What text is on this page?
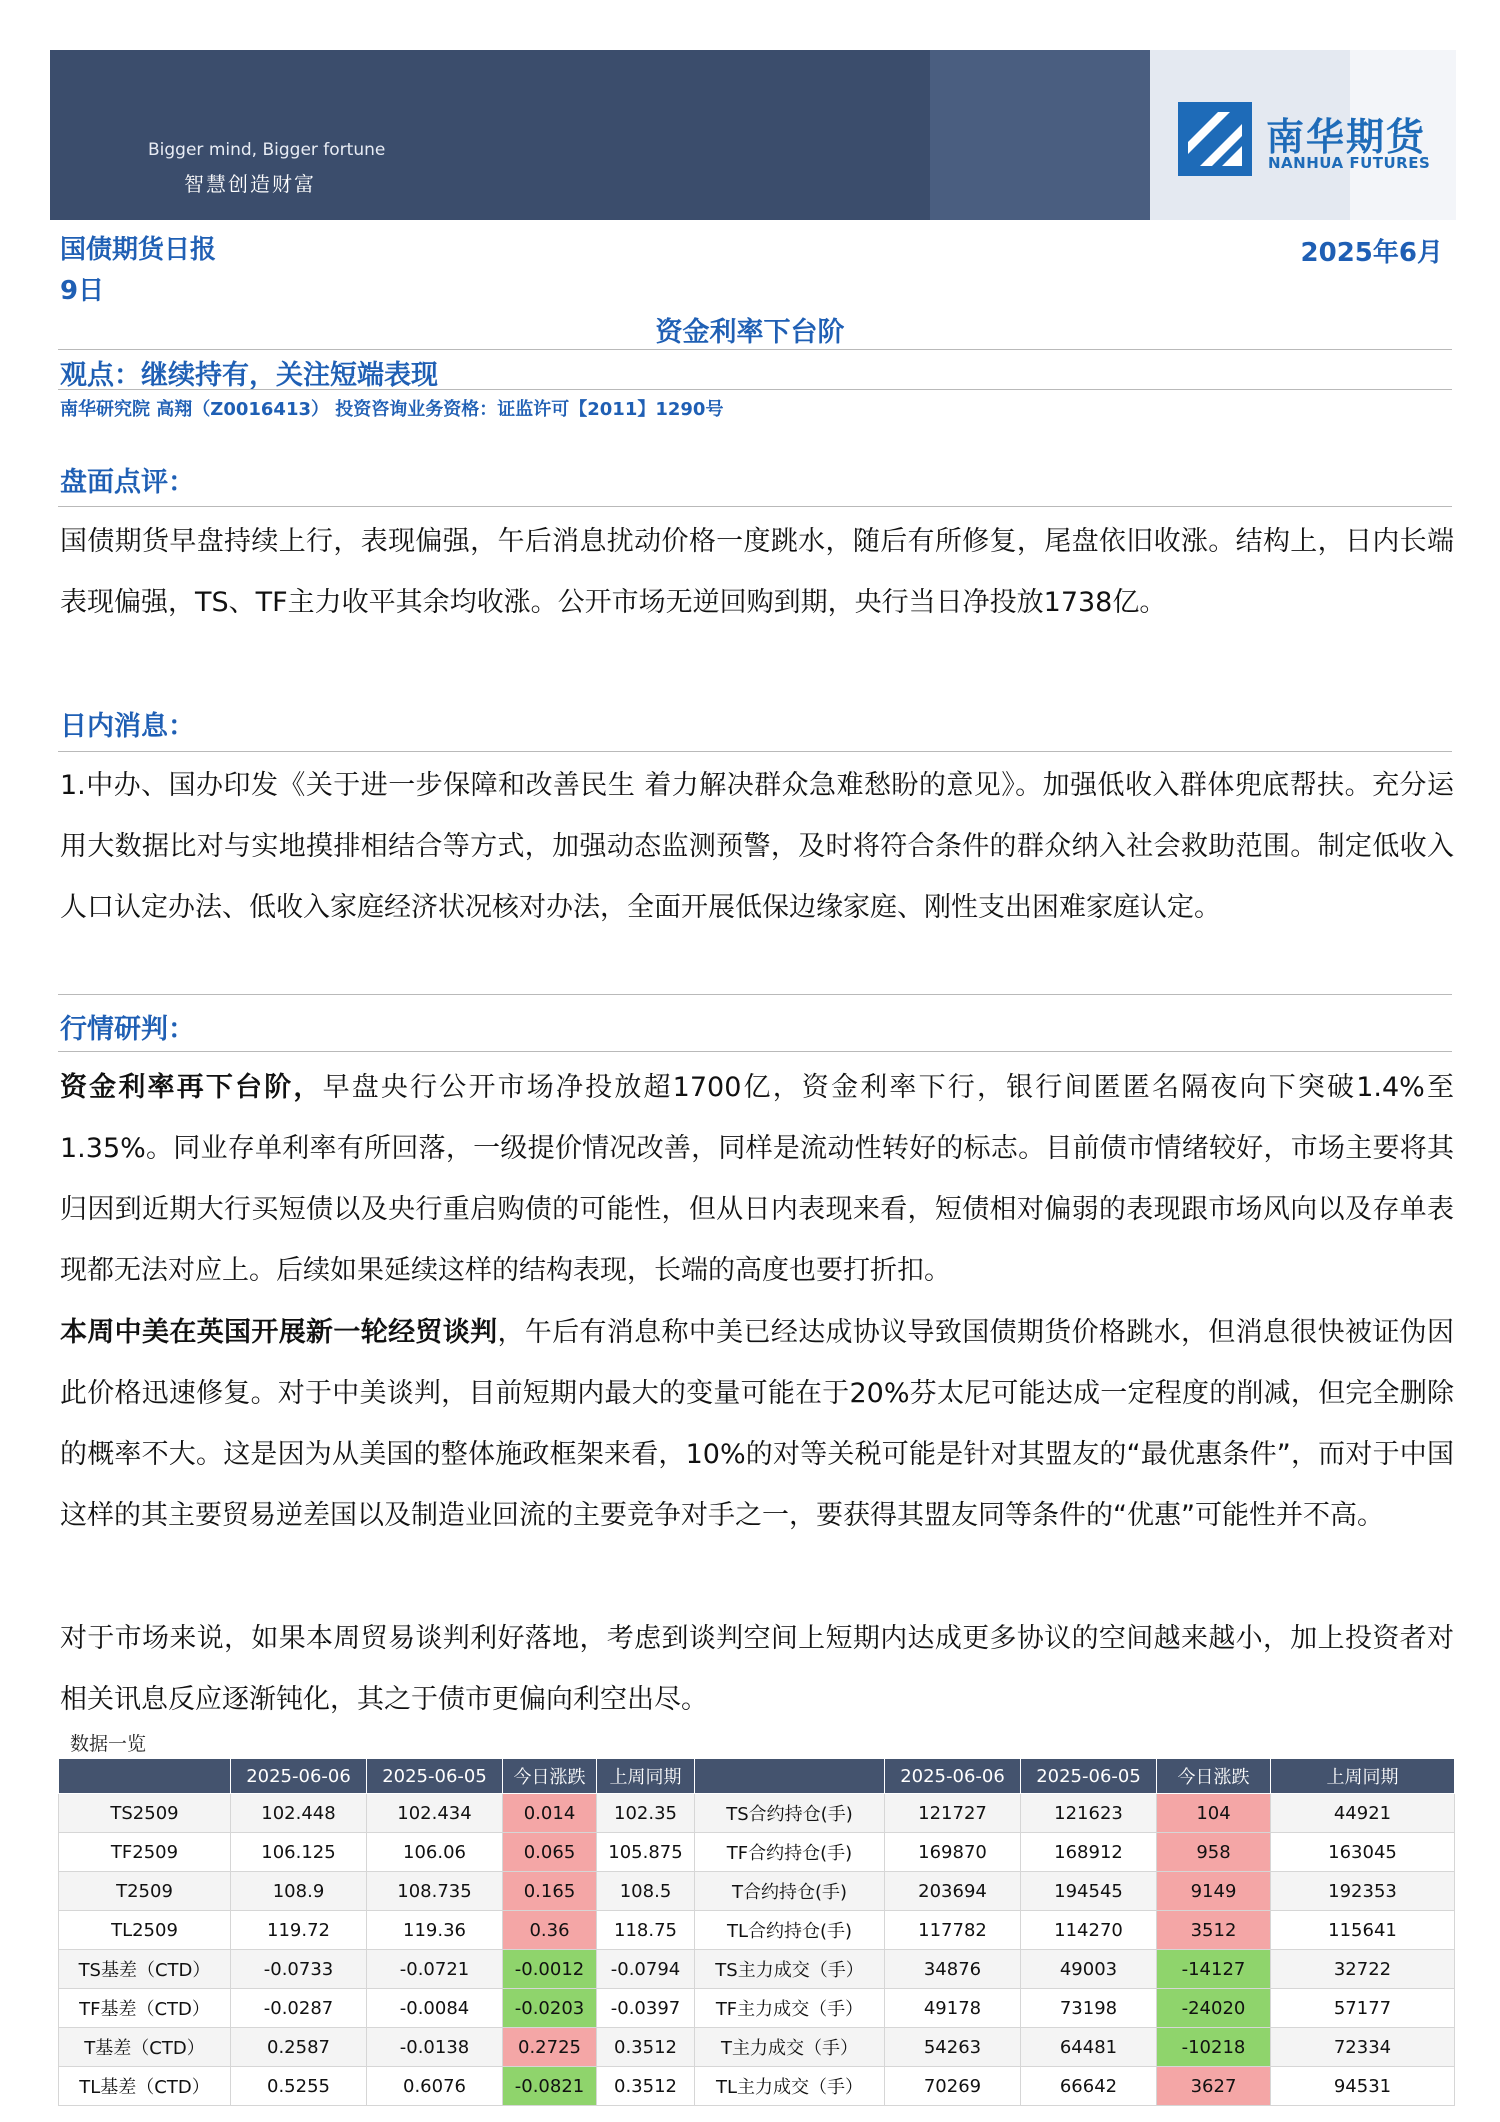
Bigger mind, Bigger fortune
智慧创造财富
南华期货
NANHUA FUTURES
国债期货日报	2025年6月
9日
资金利率下台阶
观点：继续持有，关注短端表现
南华研究院 高翔（Z0016413） 投资咨询业务资格：证监许可【2011】1290号
盘面点评：
国债期货早盘持续上行，表现偏强，午后消息扰动价格一度跳水，随后有所修复，尾盘依旧收涨。结构上，日内长端表现偏强，TS、TF主力收平其余均收涨。公开市场无逆回购到期，央行当日净投放1738亿。
日内消息：
1.中办、国办印发《关于进一步保障和改善民生 着力解决群众急难愁盼的意见》。加强低收入群体兜底帮扶。充分运用大数据比对与实地摸排相结合等方式，加强动态监测预警，及时将符合条件的群众纳入社会救助范围。制定低收入人口认定办法、低收入家庭经济状况核对办法，全面开展低保边缘家庭、刚性支出困难家庭认定。
行情研判：
资金利率再下台阶，早盘央行公开市场净投放超1700亿，资金利率下行，银行间匿匿名隔夜向下突破1.4%至1.35%。同业存单利率有所回落，一级提价情况改善，同样是流动性转好的标志。目前债市情绪较好，市场主要将其归因到近期大行买短债以及央行重启购债的可能性，但从日内表现来看，短债相对偏弱的表现跟市场风向以及存单表现都无法对应上。后续如果延续这样的结构表现，长端的高度也要打折扣。
本周中美在英国开展新一轮经贸谈判，午后有消息称中美已经达成协议导致国债期货价格跳水，但消息很快被证伪因此价格迅速修复。对于中美谈判，目前短期内最大的变量可能在于20%芬太尼可能达成一定程度的削减，但完全删除的概率不大。这是因为从美国的整体施政框架来看，10%的对等关税可能是针对其盟友的“最优惠条件”，而对于中国这样的其主要贸易逆差国以及制造业回流的主要竞争对手之一，要获得其盟友同等条件的“优惠”可能性并不高。
对于市场来说，如果本周贸易谈判利好落地，考虑到谈判空间上短期内达成更多协议的空间越来越小，加上投资者对相关讯息反应逐渐钝化，其之于债市更偏向利空出尽。
数据一览
	2025-06-06	2025-06-05	今日涨跌	上周同期		2025-06-06	2025-06-05	今日涨跌	上周同期
TS2509	102.448	102.434	0.014	102.35	TS合约持仓(手)	121727	121623	104	44921
TF2509	106.125	106.06	0.065	105.875	TF合约持仓(手)	169870	168912	958	163045
T2509	108.9	108.735	0.165	108.5	T合约持仓(手)	203694	194545	9149	192353
TL2509	119.72	119.36	0.36	118.75	TL合约持仓(手)	117782	114270	3512	115641
TS基差（CTD）	-0.0733	-0.0721	-0.0012	-0.0794	TS主力成交（手）	34876	49003	-14127	32722
TF基差（CTD）	-0.0287	-0.0084	-0.0203	-0.0397	TF主力成交（手）	49178	73198	-24020	57177
T基差（CTD）	0.2587	-0.0138	0.2725	0.3512	T主力成交（手）	54263	64481	-10218	72334
TL基差（CTD）	0.5255	0.6076	-0.0821	0.3512	TL主力成交（手）	70269	66642	3627	94531
